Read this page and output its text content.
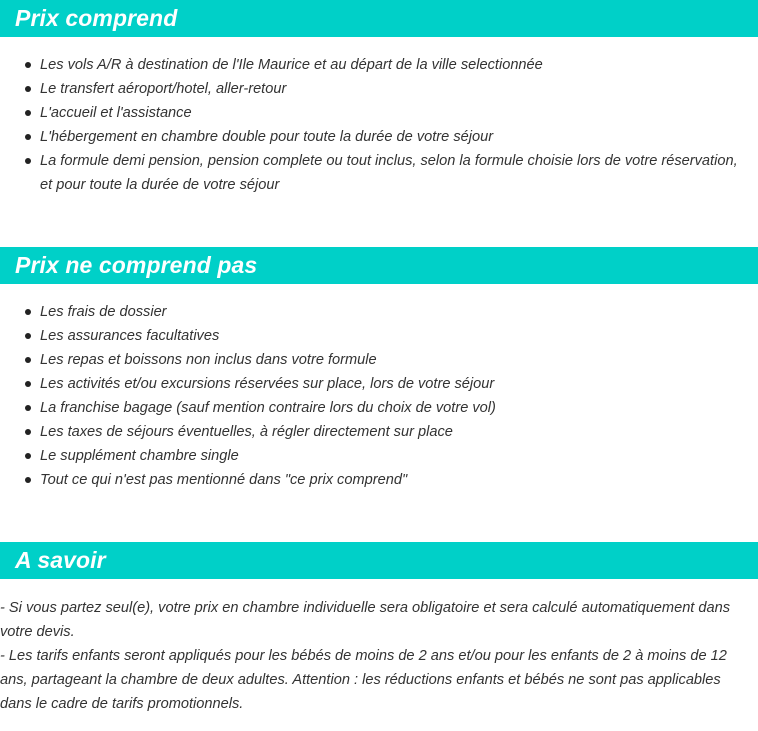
Prix comprend
Les vols A/R à destination de l'Ile Maurice et au départ de la ville selectionnée
Le transfert aéroport/hotel, aller-retour
L'accueil et l'assistance
L'hébergement en chambre double pour toute la durée de votre séjour
La formule demi pension, pension complete ou tout inclus, selon la formule choisie lors de votre réservation, et pour toute la durée de votre séjour
Prix ne comprend pas
Les frais de dossier
Les assurances facultatives
Les repas et boissons non inclus dans votre formule
Les activités et/ou excursions réservées sur place, lors de votre séjour
La franchise bagage (sauf mention contraire lors du choix de votre vol)
Les taxes de séjours éventuelles, à régler directement sur place
Le supplément chambre single
Tout ce qui n'est pas mentionné dans "ce prix comprend"
A savoir

- Si vous partez seul(e), votre prix en chambre individuelle sera obligatoire et sera calculé automatiquement dans votre devis.

- Les tarifs enfants seront appliqués pour les bébés de moins de 2 ans et/ou pour les enfants de 2 à moins de 12 ans, partageant la chambre de deux adultes. Attention : les réductions enfants et bébés ne sont pas applicables dans le cadre de tarifs promotionnels.
